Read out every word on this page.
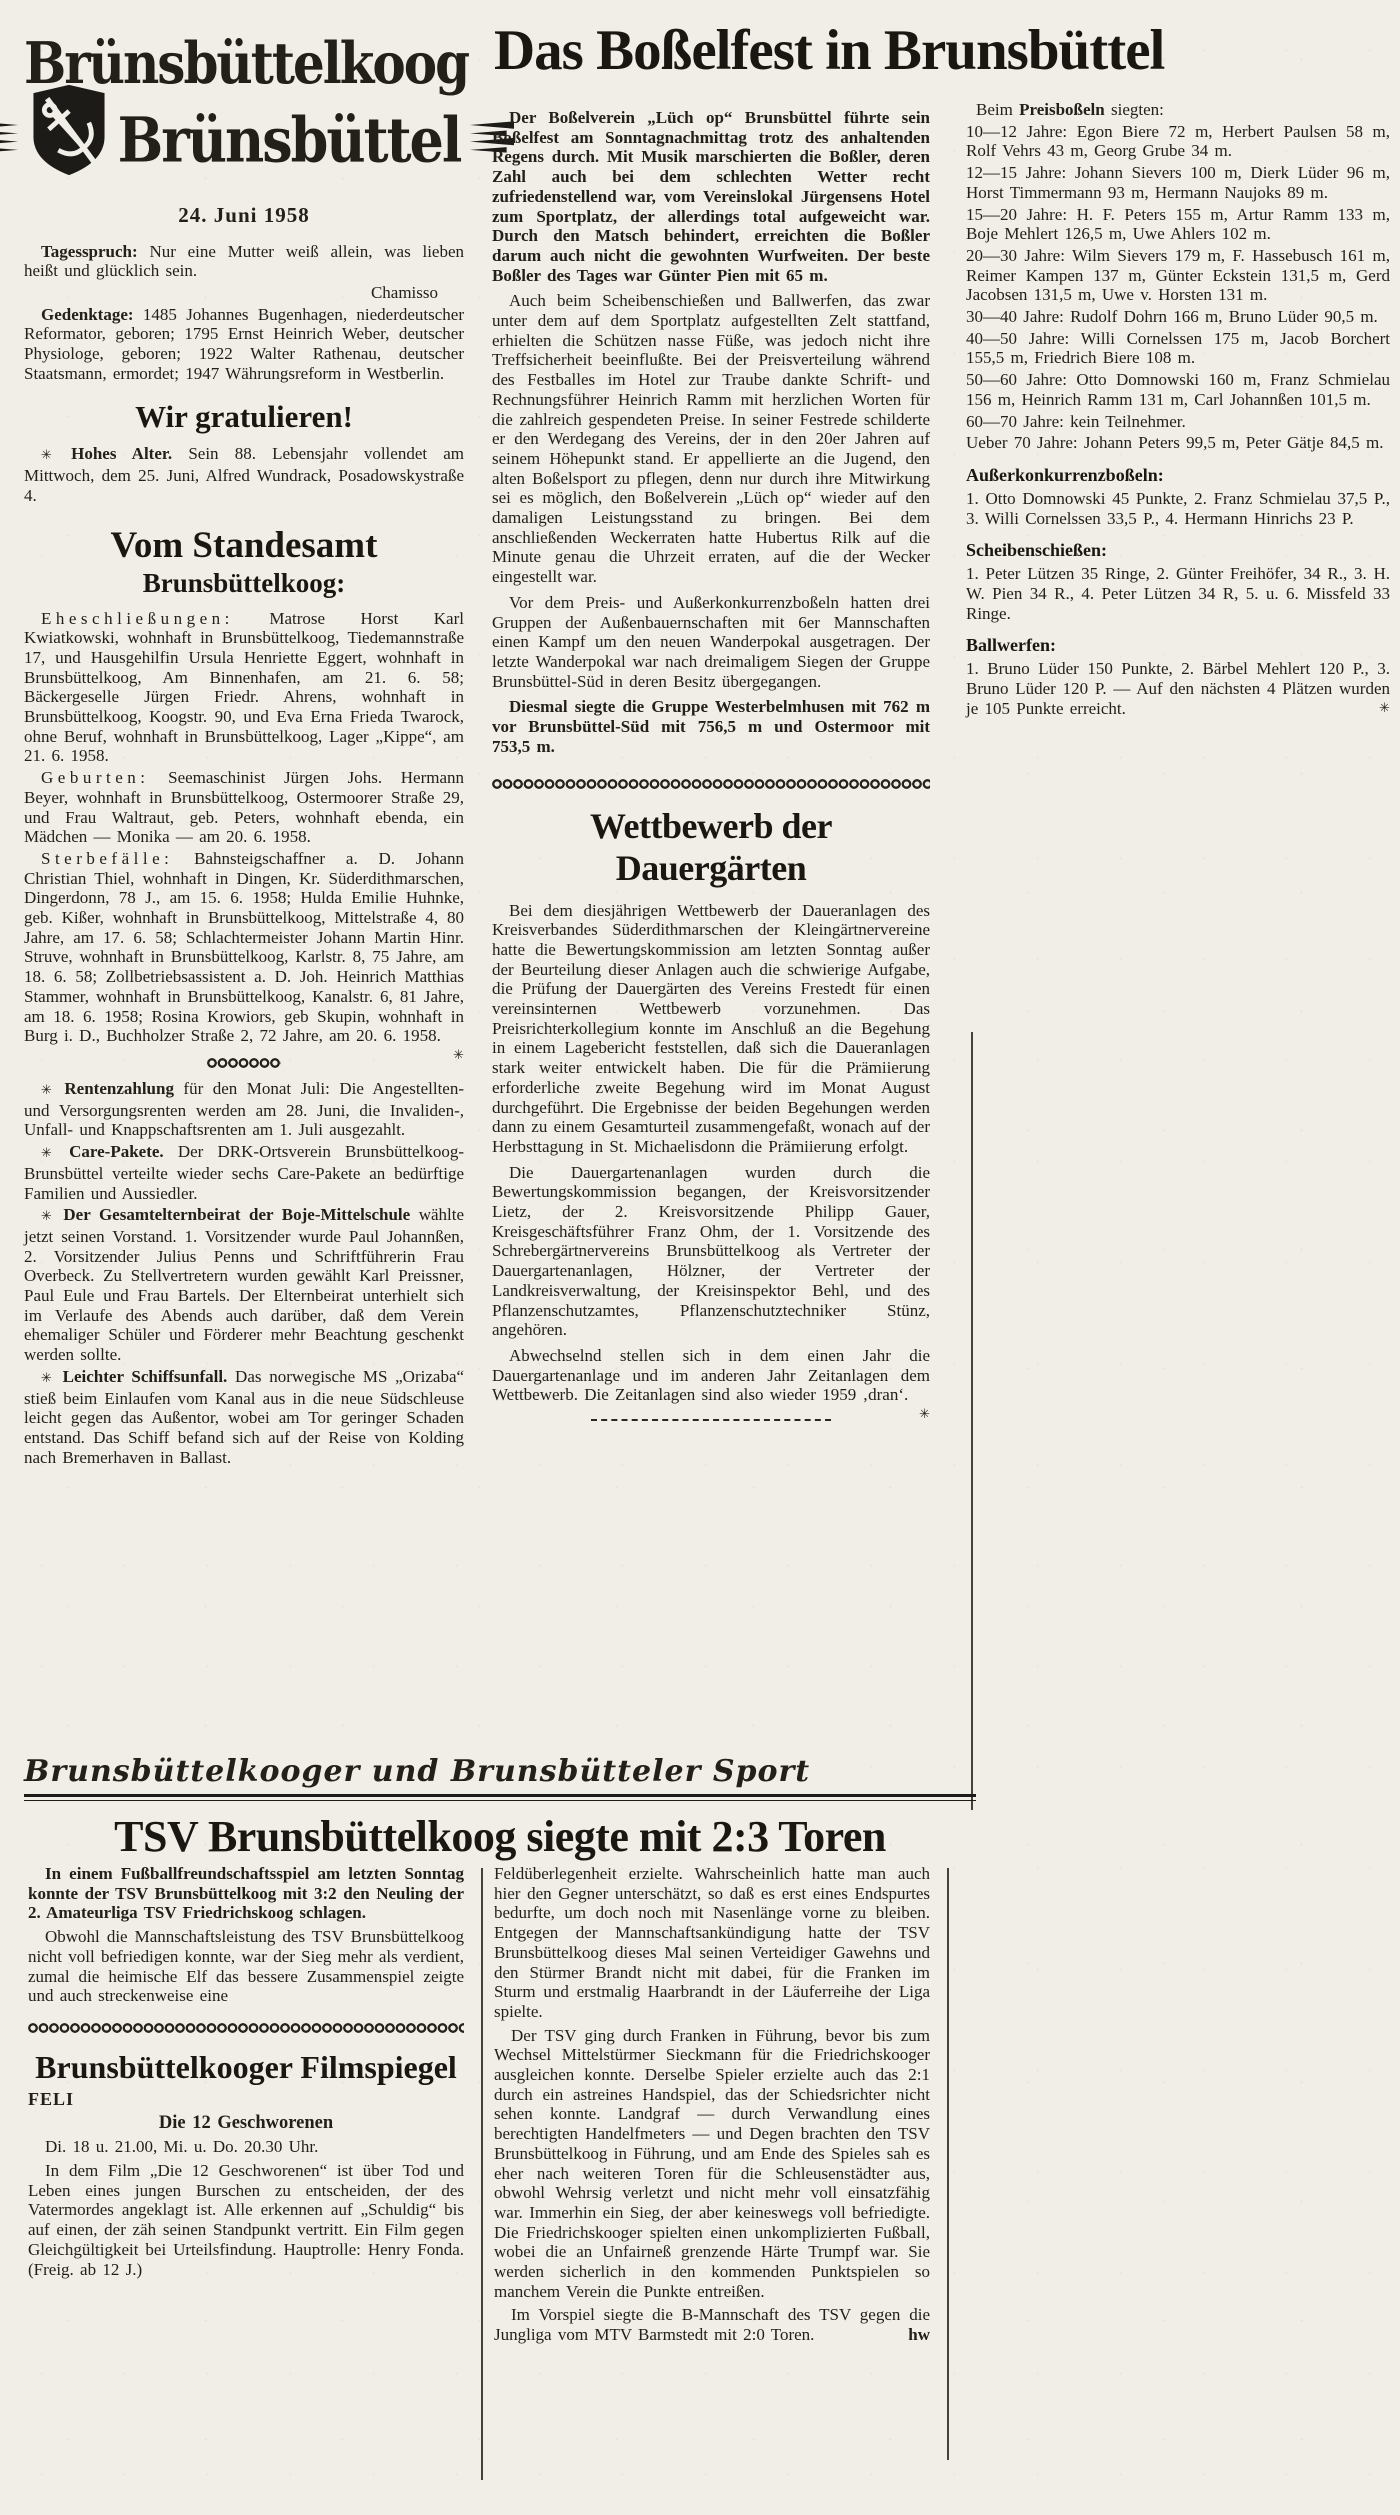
Brünsbüttelkoog
Brünsbüttel
24. Juni 1958

Tagesspruch: Nur eine Mutter weiß allein, was lieben heißt und glücklich sein.

Chamisso

Gedenktage: 1485 Johannes Bugenhagen, niederdeutscher Reformator, geboren; 1795 Ernst Heinrich Weber, deutscher Physiologe, geboren; 1922 Walter Rathenau, deutscher Staatsmann, ermordet; 1947 Währungsreform in Westberlin.

Wir gratulieren!

✳ Hohes Alter. Sein 88. Lebensjahr vollendet am Mittwoch, dem 25. Juni, Alfred Wundrack, Posadowskystraße 4.

Vom Standesamt
Brunsbüttelkoog:

Eheschließungen: Matrose Horst Karl Kwiatkowski, wohnhaft in Brunsbüttelkoog, Tiedemannstraße 17, und Hausgehilfin Ursula Henriette Eggert, wohnhaft in Brunsbüttelkoog, Am Binnenhafen, am 21. 6. 58; Bäckergeselle Jürgen Friedr. Ahrens, wohnhaft in Brunsbüttelkoog, Koogstr. 90, und Eva Erna Frieda Twarock, ohne Beruf, wohnhaft in Brunsbüttelkoog, Lager „Kippe“, am 21. 6. 1958.

Geburten: Seemaschinist Jürgen Johs. Hermann Beyer, wohnhaft in Brunsbüttelkoog, Ostermoorer Straße 29, und Frau Waltraut, geb. Peters, wohnhaft ebenda, ein Mädchen — Monika — am 20. 6. 1958.

Sterbefälle: Bahnsteigschaffner a. D. Johann Christian Thiel, wohnhaft in Dingen, Kr. Süderdithmarschen, Dingerdonn, 78 J., am 15. 6. 1958; Hulda Emilie Huhnke, geb. Kißer, wohnhaft in Brunsbüttelkoog, Mittelstraße 4, 80 Jahre, am 17. 6. 58; Schlachtermeister Johann Martin Hinr. Struve, wohnhaft in Brunsbüttelkoog, Karlstr. 8, 75 Jahre, am 18. 6. 58; Zollbetriebsassistent a. D. Joh. Heinrich Matthias Stammer, wohnhaft in Brunsbüttelkoog, Kanalstr. 6, 81 Jahre, am 18. 6. 1958; Rosina Krowiors, geb Skupin, wohnhaft in Burg i. D., Buchholzer Straße 2, 72 Jahre, am 20. 6. 1958.
✳

✳ Rentenzahlung für den Monat Juli: Die Angestellten- und Versorgungsrenten werden am 28. Juni, die Invaliden-, Unfall- und Knappschaftsrenten am 1. Juli ausgezahlt.

✳ Care-Pakete. Der DRK-Ortsverein Brunsbüttelkoog-Brunsbüttel verteilte wieder sechs Care-Pakete an bedürftige Familien und Aussiedler.

✳ Der Gesamtelternbeirat der Boje-Mittelschule wählte jetzt seinen Vorstand. 1. Vorsitzender wurde Paul Johannßen, 2. Vorsitzender Julius Penns und Schriftführerin Frau Overbeck. Zu Stellvertretern wurden gewählt Karl Preissner, Paul Eule und Frau Bartels. Der Elternbeirat unterhielt sich im Verlaufe des Abends auch darüber, daß dem Verein ehemaliger Schüler und Förderer mehr Beachtung geschenkt werden sollte.

✳ Leichter Schiffsunfall. Das norwegische MS „Orizaba“ stieß beim Einlaufen vom Kanal aus in die neue Südschleuse leicht gegen das Außentor, wobei am Tor geringer Schaden entstand. Das Schiff befand sich auf der Reise von Kolding nach Bremerhaven in Ballast.

Das Boßelfest in Brunsbüttel

Der Boßelverein „Lüch op“ Brunsbüttel führte sein Boßelfest am Sonntagnachmittag trotz des anhaltenden Regens durch. Mit Musik marschierten die Boßler, deren Zahl auch bei dem schlechten Wetter recht zufriedenstellend war, vom Vereinslokal Jürgensens Hotel zum Sportplatz, der allerdings total aufgeweicht war. Durch den Matsch behindert, erreichten die Boßler darum auch nicht die gewohnten Wurfweiten. Der beste Boßler des Tages war Günter Pien mit 65 m.

Auch beim Scheibenschießen und Ballwerfen, das zwar unter dem auf dem Sportplatz aufgestellten Zelt stattfand, erhielten die Schützen nasse Füße, was jedoch nicht ihre Treffsicherheit beeinflußte. Bei der Preisverteilung während des Festballes im Hotel zur Traube dankte Schrift- und Rechnungsführer Heinrich Ramm mit herzlichen Worten für die zahlreich gespendeten Preise. In seiner Festrede schilderte er den Werdegang des Vereins, der in den 20er Jahren auf seinem Höhepunkt stand. Er appellierte an die Jugend, den alten Boßelsport zu pflegen, denn nur durch ihre Mitwirkung sei es möglich, den Boßelverein „Lüch op“ wieder auf den damaligen Leistungsstand zu bringen. Bei dem anschließenden Weckerraten hatte Hubertus Rilk auf die Minute genau die Uhrzeit erraten, auf die der Wecker eingestellt war.

Vor dem Preis- und Außerkonkurrenzboßeln hatten drei Gruppen der Außenbauernschaften mit 6er Mannschaften einen Kampf um den neuen Wanderpokal ausgetragen. Der letzte Wanderpokal war nach dreimaligem Siegen der Gruppe Brunsbüttel-Süd in deren Besitz übergegangen.

Diesmal siegte die Gruppe Westerbelmhusen mit 762 m vor Brunsbüttel-Süd mit 756,5 m und Ostermoor mit 753,5 m.

Wettbewerb der Dauergärten

Bei dem diesjährigen Wettbewerb der Daueranlagen des Kreisverbandes Süderdithmarschen der Kleingärtnervereine hatte die Bewertungskommission am letzten Sonntag außer der Beurteilung dieser Anlagen auch die schwierige Aufgabe, die Prüfung der Dauergärten des Vereins Frestedt für einen vereinsinternen Wettbewerb vorzunehmen. Das Preisrichterkollegium konnte im Anschluß an die Begehung in einem Lagebericht feststellen, daß sich die Daueranlagen stark weiter entwickelt haben. Die für die Prämiierung erforderliche zweite Begehung wird im Monat August durchgeführt. Die Ergebnisse der beiden Begehungen werden dann zu einem Gesamturteil zusammengefaßt, wonach auf der Herbsttagung in St. Michaelisdonn die Prämiierung erfolgt.

Die Dauergartenanlagen wurden durch die Bewertungskommission begangen, der Kreisvorsitzender Lietz, der 2. Kreisvorsitzende Philipp Gauer, Kreisgeschäftsführer Franz Ohm, der 1. Vorsitzende des Schrebergärtnervereins Brunsbüttelkoog als Vertreter der Dauergartenanlagen, Hölzner, der Vertreter der Landkreisverwaltung, der Kreisinspektor Behl, und des Pflanzenschutzamtes, Pflanzenschutztechniker Stünz, angehören.

Abwechselnd stellen sich in dem einen Jahr die Dauergartenanlage und im anderen Jahr Zeitanlagen dem Wettbewerb. Die Zeitanlagen sind also wieder 1959 ‚dran‘.
✳

Beim Preisboßeln siegten:

10—12 Jahre: Egon Biere 72 m, Herbert Paulsen 58 m, Rolf Vehrs 43 m, Georg Grube 34 m.

12—15 Jahre: Johann Sievers 100 m, Dierk Lüder 96 m, Horst Timmermann 93 m, Hermann Naujoks 89 m.

15—20 Jahre: H. F. Peters 155 m, Artur Ramm 133 m, Boje Mehlert 126,5 m, Uwe Ahlers 102 m.

20—30 Jahre: Wilm Sievers 179 m, F. Hassebusch 161 m, Reimer Kampen 137 m, Günter Eckstein 131,5 m, Gerd Jacobsen 131,5 m, Uwe v. Horsten 131 m.

30—40 Jahre: Rudolf Dohrn 166 m, Bruno Lüder 90,5 m.

40—50 Jahre: Willi Cornelssen 175 m, Jacob Borchert 155,5 m, Friedrich Biere 108 m.

50—60 Jahre: Otto Domnowski 160 m, Franz Schmielau 156 m, Heinrich Ramm 131 m, Carl Johannßen 101,5 m.

60—70 Jahre: kein Teilnehmer.

Ueber 70 Jahre: Johann Peters 99,5 m, Peter Gätje 84,5 m.

Außerkonkurrenzboßeln:

1. Otto Domnowski 45 Punkte, 2. Franz Schmielau 37,5 P., 3. Willi Cornelssen 33,5 P., 4. Hermann Hinrichs 23 P.

Scheibenschießen:

1. Peter Lützen 35 Ringe, 2. Günter Freihöfer, 34 R., 3. H. W. Pien 34 R., 4. Peter Lützen 34 R, 5. u. 6. Missfeld 33 Ringe.

Ballwerfen:

1. Bruno Lüder 150 Punkte, 2. Bärbel Mehlert 120 P., 3. Bruno Lüder 120 P. — Auf den nächsten 4 Plätzen wurden je 105 Punkte erreicht.	✳

Brunsbüttelkooger und Brunsbütteler Sport
TSV Brunsbüttelkoog siegte mit 2:3 Toren

In einem Fußballfreundschaftsspiel am letzten Sonntag konnte der TSV Brunsbüttelkoog mit 3:2 den Neuling der 2. Amateurliga TSV Friedrichskoog schlagen.

Obwohl die Mannschaftsleistung des TSV Brunsbüttelkoog nicht voll befriedigen konnte, war der Sieg mehr als verdient, zumal die heimische Elf das bessere Zusammenspiel zeigte und auch streckenweise eine

Brunsbüttelkooger Filmspiegel

FELI

Die 12 Geschworenen

Di. 18 u. 21.00, Mi. u. Do. 20.30 Uhr.

In dem Film „Die 12 Geschworenen“ ist über Tod und Leben eines jungen Burschen zu entscheiden, der des Vatermordes angeklagt ist. Alle erkennen auf „Schuldig“ bis auf einen, der zäh seinen Standpunkt vertritt. Ein Film gegen Gleichgültigkeit bei Urteilsfindung. Hauptrolle: Henry Fonda. (Freig. ab 12 J.)

Feldüberlegenheit erzielte. Wahrscheinlich hatte man auch hier den Gegner unterschätzt, so daß es erst eines Endspurtes bedurfte, um doch noch mit Nasenlänge vorne zu bleiben. Entgegen der Mannschaftsankündigung hatte der TSV Brunsbüttelkoog dieses Mal seinen Verteidiger Gawehns und den Stürmer Brandt nicht mit dabei, für die Franken im Sturm und erstmalig Haarbrandt in der Läuferreihe der Liga spielte.

Der TSV ging durch Franken in Führung, bevor bis zum Wechsel Mittelstürmer Sieckmann für die Friedrichskooger ausgleichen konnte. Derselbe Spieler erzielte auch das 2:1 durch ein astreines Handspiel, das der Schiedsrichter nicht sehen konnte. Landgraf — durch Verwandlung eines berechtigten Handelfmeters — und Degen brachten den TSV Brunsbüttelkoog in Führung, und am Ende des Spieles sah es eher nach weiteren Toren für die Schleusenstädter aus, obwohl Wehrsig verletzt und nicht mehr voll einsatzfähig war. Immerhin ein Sieg, der aber keineswegs voll befriedigte. Die Friedrichskooger spielten einen unkomplizierten Fußball, wobei die an Unfairneß grenzende Härte Trumpf war. Sie werden sicherlich in den kommenden Punktspielen so manchem Verein die Punkte entreißen.

Im Vorspiel siegte die B-Mannschaft des TSV gegen die Jungliga vom MTV Barmstedt mit 2:0 Toren.	hw
